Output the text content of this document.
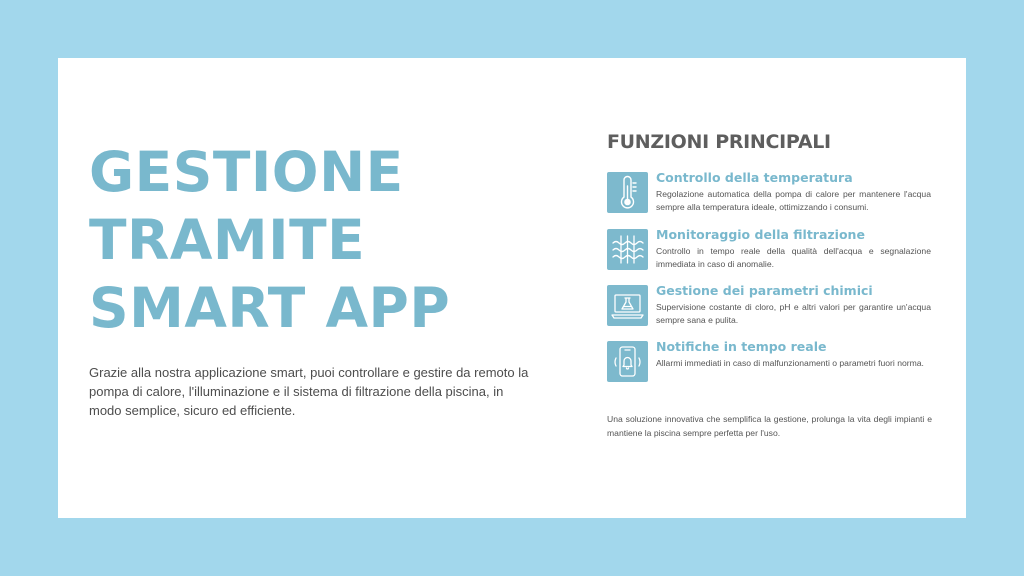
GESTIONE
TRAMITE
SMART APP

Grazie alla nostra applicazione smart, puoi controllare e gestire da remoto la pompa di calore, l'illuminazione e il sistema di filtrazione della piscina, in modo semplice, sicuro ed efficiente.

FUNZIONI PRINCIPALI
Controllo della temperatura

Regolazione automatica della pompa di calore per mantenere l'acqua sempre alla temperatura ideale, ottimizzando i consumi.

Monitoraggio della filtrazione

Controllo in tempo reale della qualità dell'acqua e segnalazione immediata in caso di anomalie.

Gestione dei parametri chimici

Supervisione costante di cloro, pH e altri valori per garantire un'acqua sempre sana e pulita.

Notifiche in tempo reale

Allarmi immediati in caso di malfunzionamenti o parametri fuori norma.

Una soluzione innovativa che semplifica la gestione, prolunga la vita degli impianti e mantiene la piscina sempre perfetta per l'uso.
